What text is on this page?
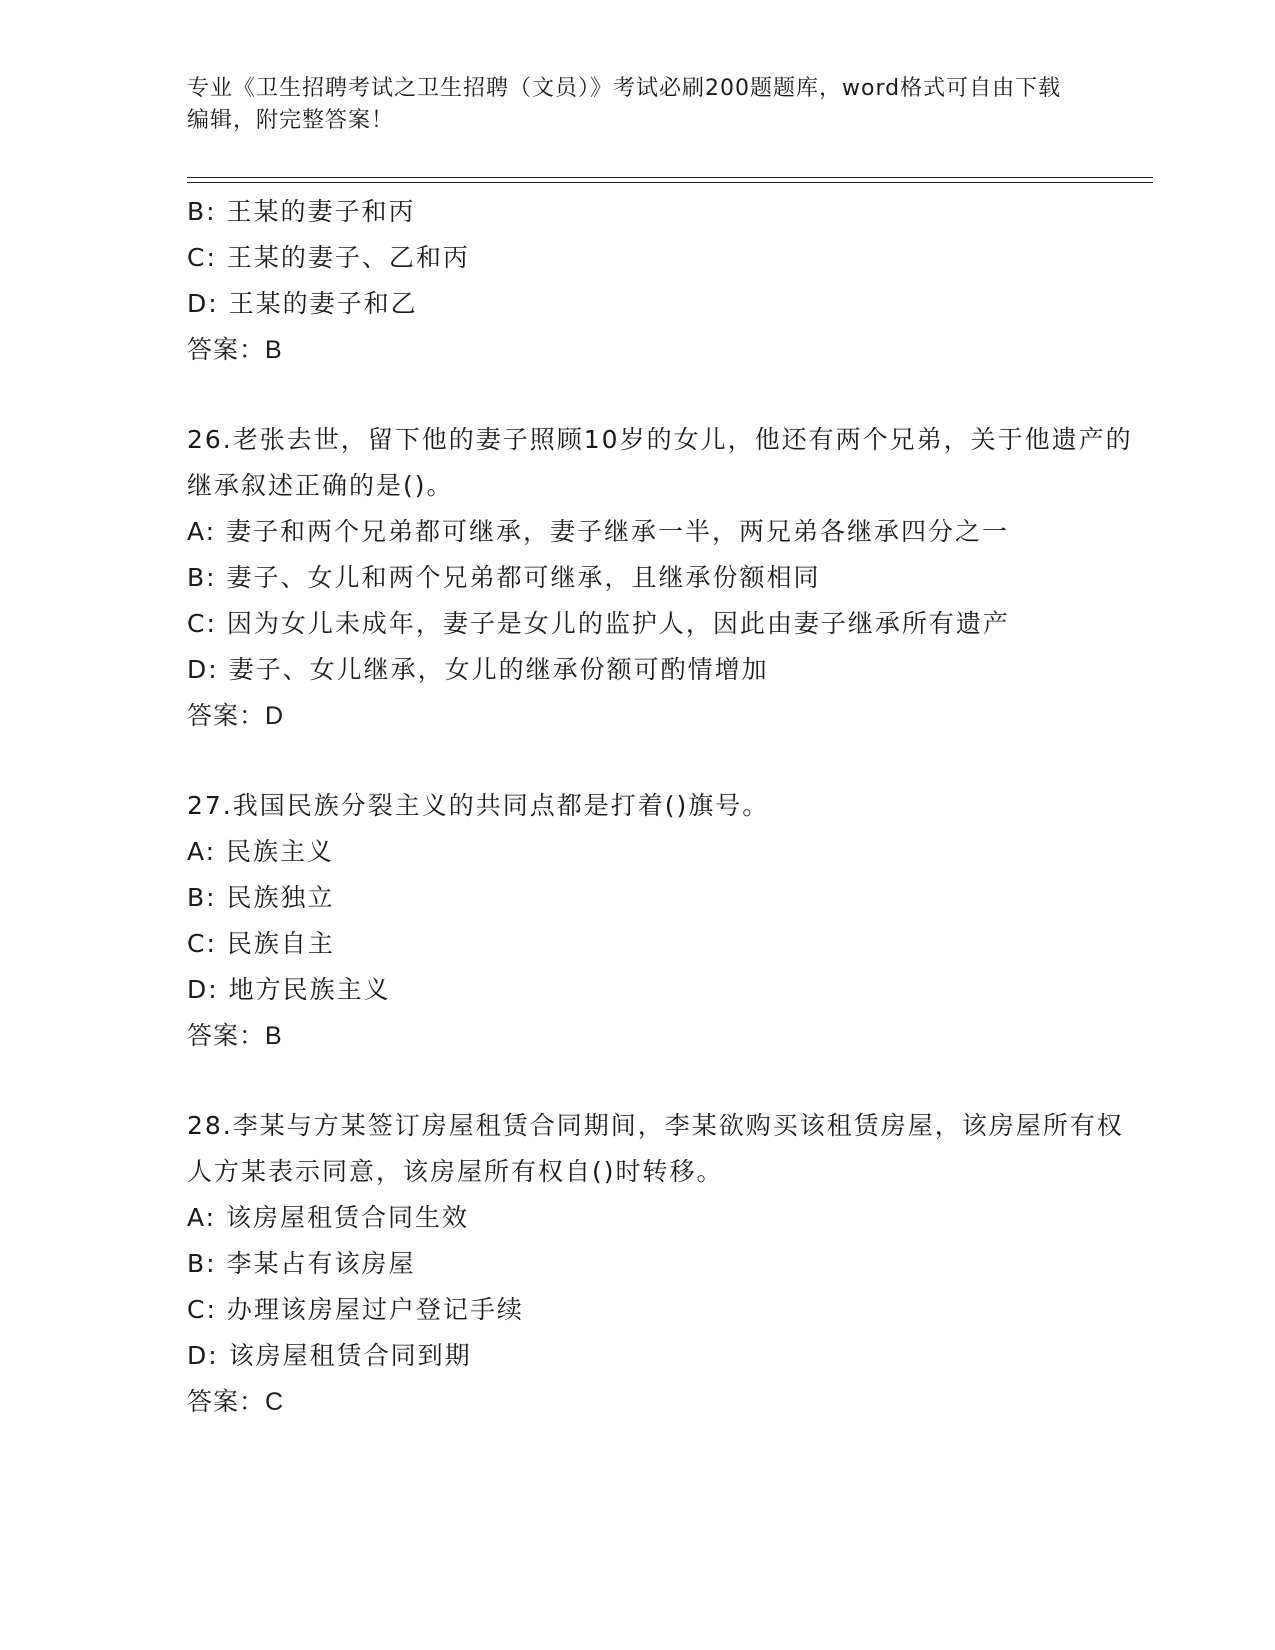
专业《卫生招聘考试之卫生招聘（文员）》考试必刷200题题库，word格式可自由下载编辑，附完整答案！
B: 王某的妻子和丙
C: 王某的妻子、乙和丙
D: 王某的妻子和乙
答案：B
26.老张去世，留下他的妻子照顾10岁的女儿，他还有两个兄弟，关于他遗产的继承叙述正确的是()。
A: 妻子和两个兄弟都可继承，妻子继承一半，两兄弟各继承四分之一
B: 妻子、女儿和两个兄弟都可继承，且继承份额相同
C: 因为女儿未成年，妻子是女儿的监护人，因此由妻子继承所有遗产
D: 妻子、女儿继承，女儿的继承份额可酌情增加
答案：D
27.我国民族分裂主义的共同点都是打着()旗号。
A: 民族主义
B: 民族独立
C: 民族自主
D: 地方民族主义
答案：B
28.李某与方某签订房屋租赁合同期间，李某欲购买该租赁房屋，该房屋所有权人方某表示同意，该房屋所有权自()时转移。
A: 该房屋租赁合同生效
B: 李某占有该房屋
C: 办理该房屋过户登记手续
D: 该房屋租赁合同到期
答案：C
